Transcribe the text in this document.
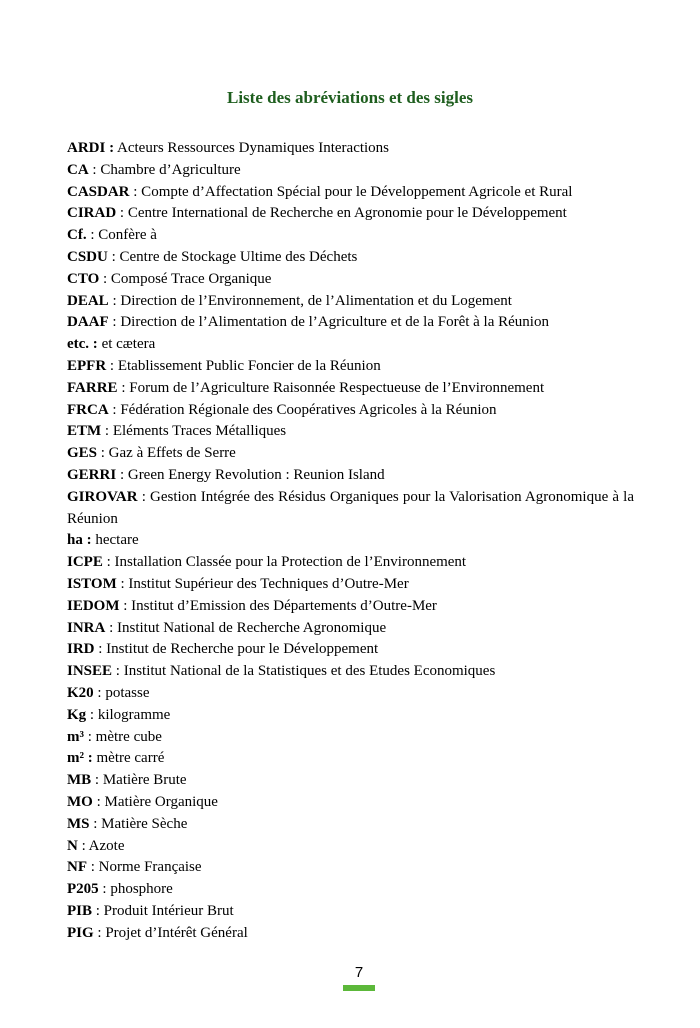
Liste des abréviations et des sigles
ARDI : Acteurs Ressources Dynamiques Interactions
CA : Chambre d’Agriculture
CASDAR : Compte d’Affectation Spécial pour le Développement Agricole et Rural
CIRAD : Centre International de Recherche en Agronomie pour le Développement
Cf. : Confère à
CSDU : Centre de Stockage Ultime des Déchets
CTO : Composé Trace Organique
DEAL : Direction de l’Environnement, de l’Alimentation et du Logement
DAAF : Direction de l’Alimentation de l’Agriculture et de la Forêt à la Réunion
etc. : et cætera
EPFR : Etablissement Public Foncier de la Réunion
FARRE : Forum de l’Agriculture Raisonnée Respectueuse de l’Environnement
FRCA : Fédération Régionale des Coopératives Agricoles à la Réunion
ETM : Eléments Traces Métalliques
GES : Gaz à Effets de Serre
GERRI : Green Energy Revolution : Reunion Island
GIROVAR : Gestion Intégrée des Résidus Organiques pour la Valorisation Agronomique à la Réunion
ha : hectare
ICPE : Installation Classée pour la Protection de l’Environnement
ISTOM : Institut Supérieur des Techniques d’Outre-Mer
IEDOM : Institut d’Emission des Départements d’Outre-Mer
INRA : Institut National de Recherche Agronomique
IRD : Institut de Recherche pour le Développement
INSEE : Institut National de la Statistiques et des Etudes Economiques
K20 : potasse
Kg : kilogramme
m³ : mètre cube
m² : mètre carré
MB : Matière Brute
MO : Matière Organique
MS : Matière Sèche
N : Azote
NF : Norme Française
P205 : phosphore
PIB : Produit Intérieur Brut
PIG : Projet d’Intérêt Général
7
